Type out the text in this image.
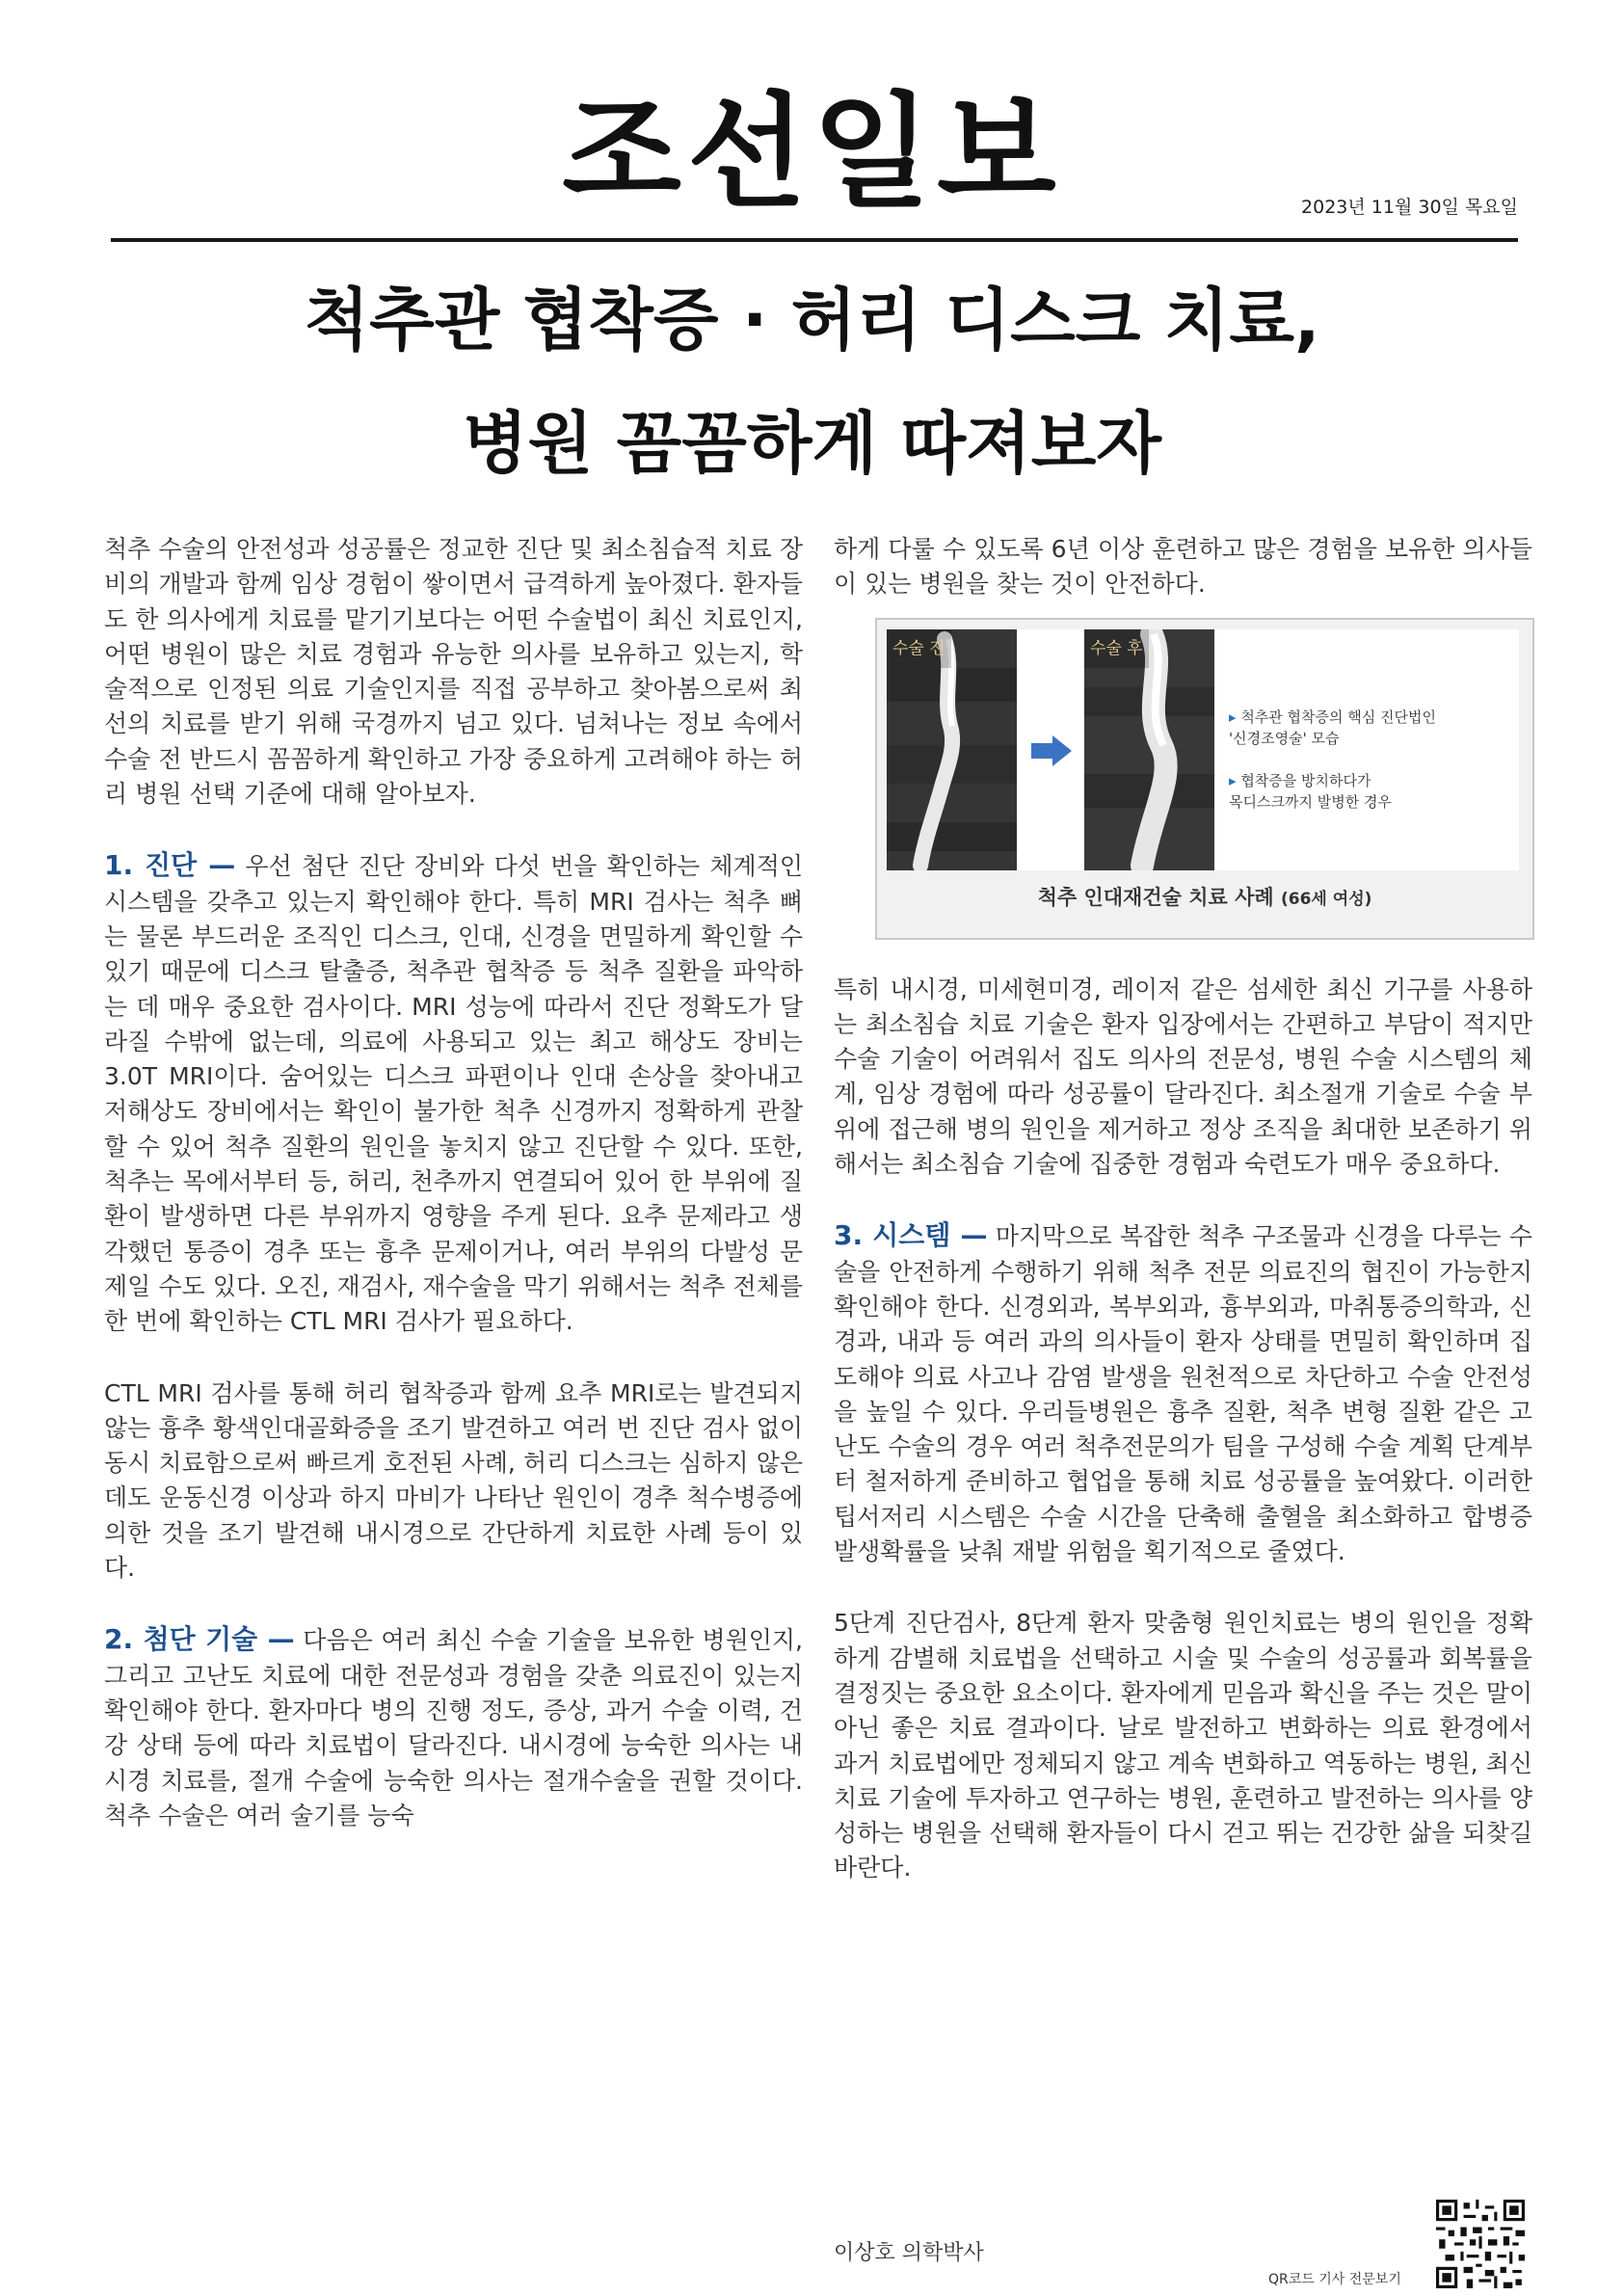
조선일보	2023년 11월 30일 목요일
척추관 협착증 · 허리 디스크 치료,
병원 꼼꼼하게 따져보자

척추 수술의 안전성과 성공률은 정교한 진단 및 최소침습적 치료 장비의 개발과 함께 임상 경험이 쌓이면서 급격하게 높아졌다. 환자들도 한 의사에게 치료를 맡기기보다는 어떤 수술법이 최신 치료인지, 어떤 병원이 많은 치료 경험과 유능한 의사를 보유하고 있는지, 학술적으로 인정된 의료 기술인지를 직접 공부하고 찾아봄으로써 최선의 치료를 받기 위해 국경까지 넘고 있다. 넘쳐나는 정보 속에서 수술 전 반드시 꼼꼼하게 확인하고 가장 중요하게 고려해야 하는 허리 병원 선택 기준에 대해 알아보자.

1. 진단 — 우선 첨단 진단 장비와 다섯 번을 확인하는 체계적인 시스템을 갖추고 있는지 확인해야 한다. 특히 MRI 검사는 척추 뼈는 물론 부드러운 조직인 디스크, 인대, 신경을 면밀하게 확인할 수 있기 때문에 디스크 탈출증, 척추관 협착증 등 척추 질환을 파악하는 데 매우 중요한 검사이다. MRI 성능에 따라서 진단 정확도가 달라질 수밖에 없는데, 의료에 사용되고 있는 최고 해상도 장비는 3.0T MRI이다. 숨어있는 디스크 파편이나 인대 손상을 찾아내고 저해상도 장비에서는 확인이 불가한 척추 신경까지 정확하게 관찰할 수 있어 척추 질환의 원인을 놓치지 않고 진단할 수 있다. 또한, 척추는 목에서부터 등, 허리, 천추까지 연결되어 있어 한 부위에 질환이 발생하면 다른 부위까지 영향을 주게 된다. 요추 문제라고 생각했던 통증이 경추 또는 흉추 문제이거나, 여러 부위의 다발성 문제일 수도 있다. 오진, 재검사, 재수술을 막기 위해서는 척추 전체를 한 번에 확인하는 CTL MRI 검사가 필요하다.

CTL MRI 검사를 통해 허리 협착증과 함께 요추 MRI로는 발견되지 않는 흉추 황색인대골화증을 조기 발견하고 여러 번 진단 검사 없이 동시 치료함으로써 빠르게 호전된 사례, 허리 디스크는 심하지 않은데도 운동신경 이상과 하지 마비가 나타난 원인이 경추 척수병증에 의한 것을 조기 발견해 내시경으로 간단하게 치료한 사례 등이 있다.

2. 첨단 기술 — 다음은 여러 최신 수술 기술을 보유한 병원인지, 그리고 고난도 치료에 대한 전문성과 경험을 갖춘 의료진이 있는지 확인해야 한다. 환자마다 병의 진행 정도, 증상, 과거 수술 이력, 건강 상태 등에 따라 치료법이 달라진다. 내시경에 능숙한 의사는 내시경 치료를, 절개 수술에 능숙한 의사는 절개수술을 권할 것이다. 척추 수술은 여러 술기를 능숙

하게 다룰 수 있도록 6년 이상 훈련하고 많은 경험을 보유한 의사들이 있는 병원을 찾는 것이 안전하다.

수술 전	수술 후
▸ 척추관 협착증의 핵심 진단법인
'신경조영술' 모습
▸ 협착증을 방치하다가
목디스크까지 발병한 경우
척추 인대재건술 치료 사례 (66세 여성)

특히 내시경, 미세현미경, 레이저 같은 섬세한 최신 기구를 사용하는 최소침습 치료 기술은 환자 입장에서는 간편하고 부담이 적지만 수술 기술이 어려워서 집도 의사의 전문성, 병원 수술 시스템의 체계, 임상 경험에 따라 성공률이 달라진다. 최소절개 기술로 수술 부위에 접근해 병의 원인을 제거하고 정상 조직을 최대한 보존하기 위해서는 최소침습 기술에 집중한 경험과 숙련도가 매우 중요하다.

3. 시스템 — 마지막으로 복잡한 척추 구조물과 신경을 다루는 수술을 안전하게 수행하기 위해 척추 전문 의료진의 협진이 가능한지 확인해야 한다. 신경외과, 복부외과, 흉부외과, 마취통증의학과, 신경과, 내과 등 여러 과의 의사들이 환자 상태를 면밀히 확인하며 집도해야 의료 사고나 감염 발생을 원천적으로 차단하고 수술 안전성을 높일 수 있다. 우리들병원은 흉추 질환, 척추 변형 질환 같은 고난도 수술의 경우 여러 척추전문의가 팀을 구성해 수술 계획 단계부터 철저하게 준비하고 협업을 통해 치료 성공률을 높여왔다. 이러한 팁서저리 시스템은 수술 시간을 단축해 출혈을 최소화하고 합병증 발생확률을 낮춰 재발 위험을 획기적으로 줄였다.

5단계 진단검사, 8단계 환자 맞춤형 원인치료는 병의 원인을 정확하게 감별해 치료법을 선택하고 시술 및 수술의 성공률과 회복률을 결정짓는 중요한 요소이다. 환자에게 믿음과 확신을 주는 것은 말이 아닌 좋은 치료 결과이다. 날로 발전하고 변화하는 의료 환경에서 과거 치료법에만 정체되지 않고 계속 변화하고 역동하는 병원, 최신 치료 기술에 투자하고 연구하는 병원, 훈련하고 발전하는 의사를 양성하는 병원을 선택해 환자들이 다시 걷고 뛰는 건강한 삶을 되찾길 바란다.

이상호 의학박사
QR코드 기사 전문보기
